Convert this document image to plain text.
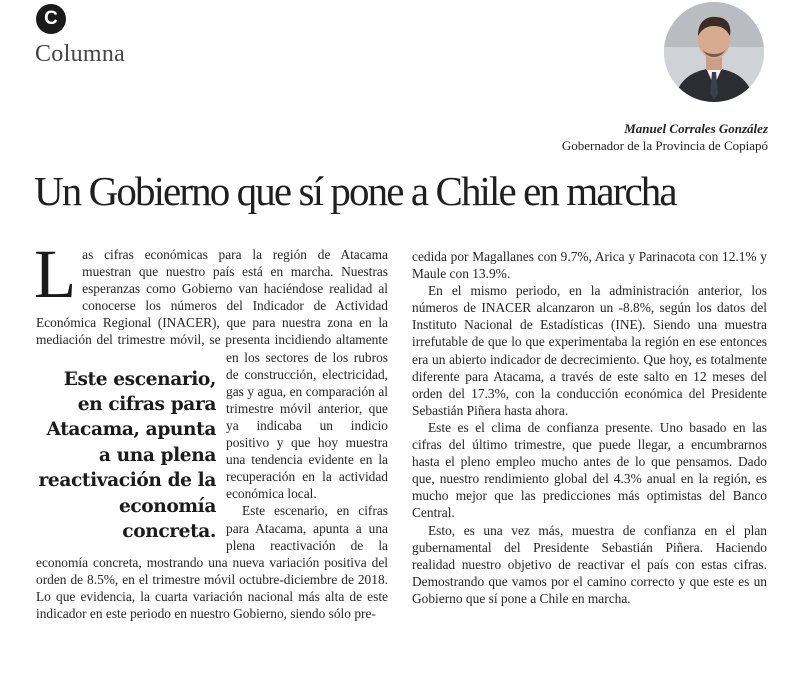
C
Columna
Manuel Corrales González
Gobernador de la Provincia de Copiapó
Un Gobierno que sí pone a Chile en marcha

L as cifras económicas para la región de Atacama muestran que nuestro país está en marcha. Nuestras esperanzas como Gobierno van haciéndose realidad al conocerse los números del Indicador de Actividad Económica Regional (INACER), que para nuestra zona en la mediación del trimestre móvil, se presenta
Este escenario, en cifras para Atacama, apunta a una plena reactivación de la economía concreta.
incidiendo altamente en los sectores de los rubros de construcción, electricidad, gas y agua, en comparación al trimestre móvil anterior, que ya indicaba un indicio positivo y que hoy muestra una tendencia evidente en la recuperación en la actividad económica local.

Este escenario, en cifras para Atacama, apunta a una plena reactivación de la economía concreta, mostrando una nueva variación positiva del orden de 8.5%, en el trimestre móvil octubre-diciembre de 2018. Lo que evidencia, la cuarta variación nacional más alta de este indicador en este periodo en nuestro Gobierno, siendo sólo pre-

cedida por Magallanes con 9.7%, Arica y Parinacota con 12.1% y Maule con 13.9%.

En el mismo periodo, en la administración anterior, los números de INACER alcanzaron un -8.8%, según los datos del Instituto Nacional de Estadísticas (INE). Siendo una muestra irrefutable de que lo que experimentaba la región en ese entonces era un abierto indicador de decrecimiento. Que hoy, es totalmente diferente para Atacama, a través de este salto en 12 meses del orden del 17.3%, con la conducción económica del Presidente Sebastián Piñera hasta ahora.

Este es el clima de confianza presente. Uno basado en las cifras del último trimestre, que puede llegar, a encumbrarnos hasta el pleno empleo mucho antes de lo que pensamos. Dado que, nuestro rendimiento global del 4.3% anual en la región, es mucho mejor que las predicciones más optimistas del Banco Central.

Esto, es una vez más, muestra de confianza en el plan gubernamental del Presidente Sebastián Piñera. Haciendo realidad nuestro objetivo de reactivar el país con estas cifras. Demostrando que vamos por el camino correcto y que este es un Gobierno que sí pone a Chile en marcha.
